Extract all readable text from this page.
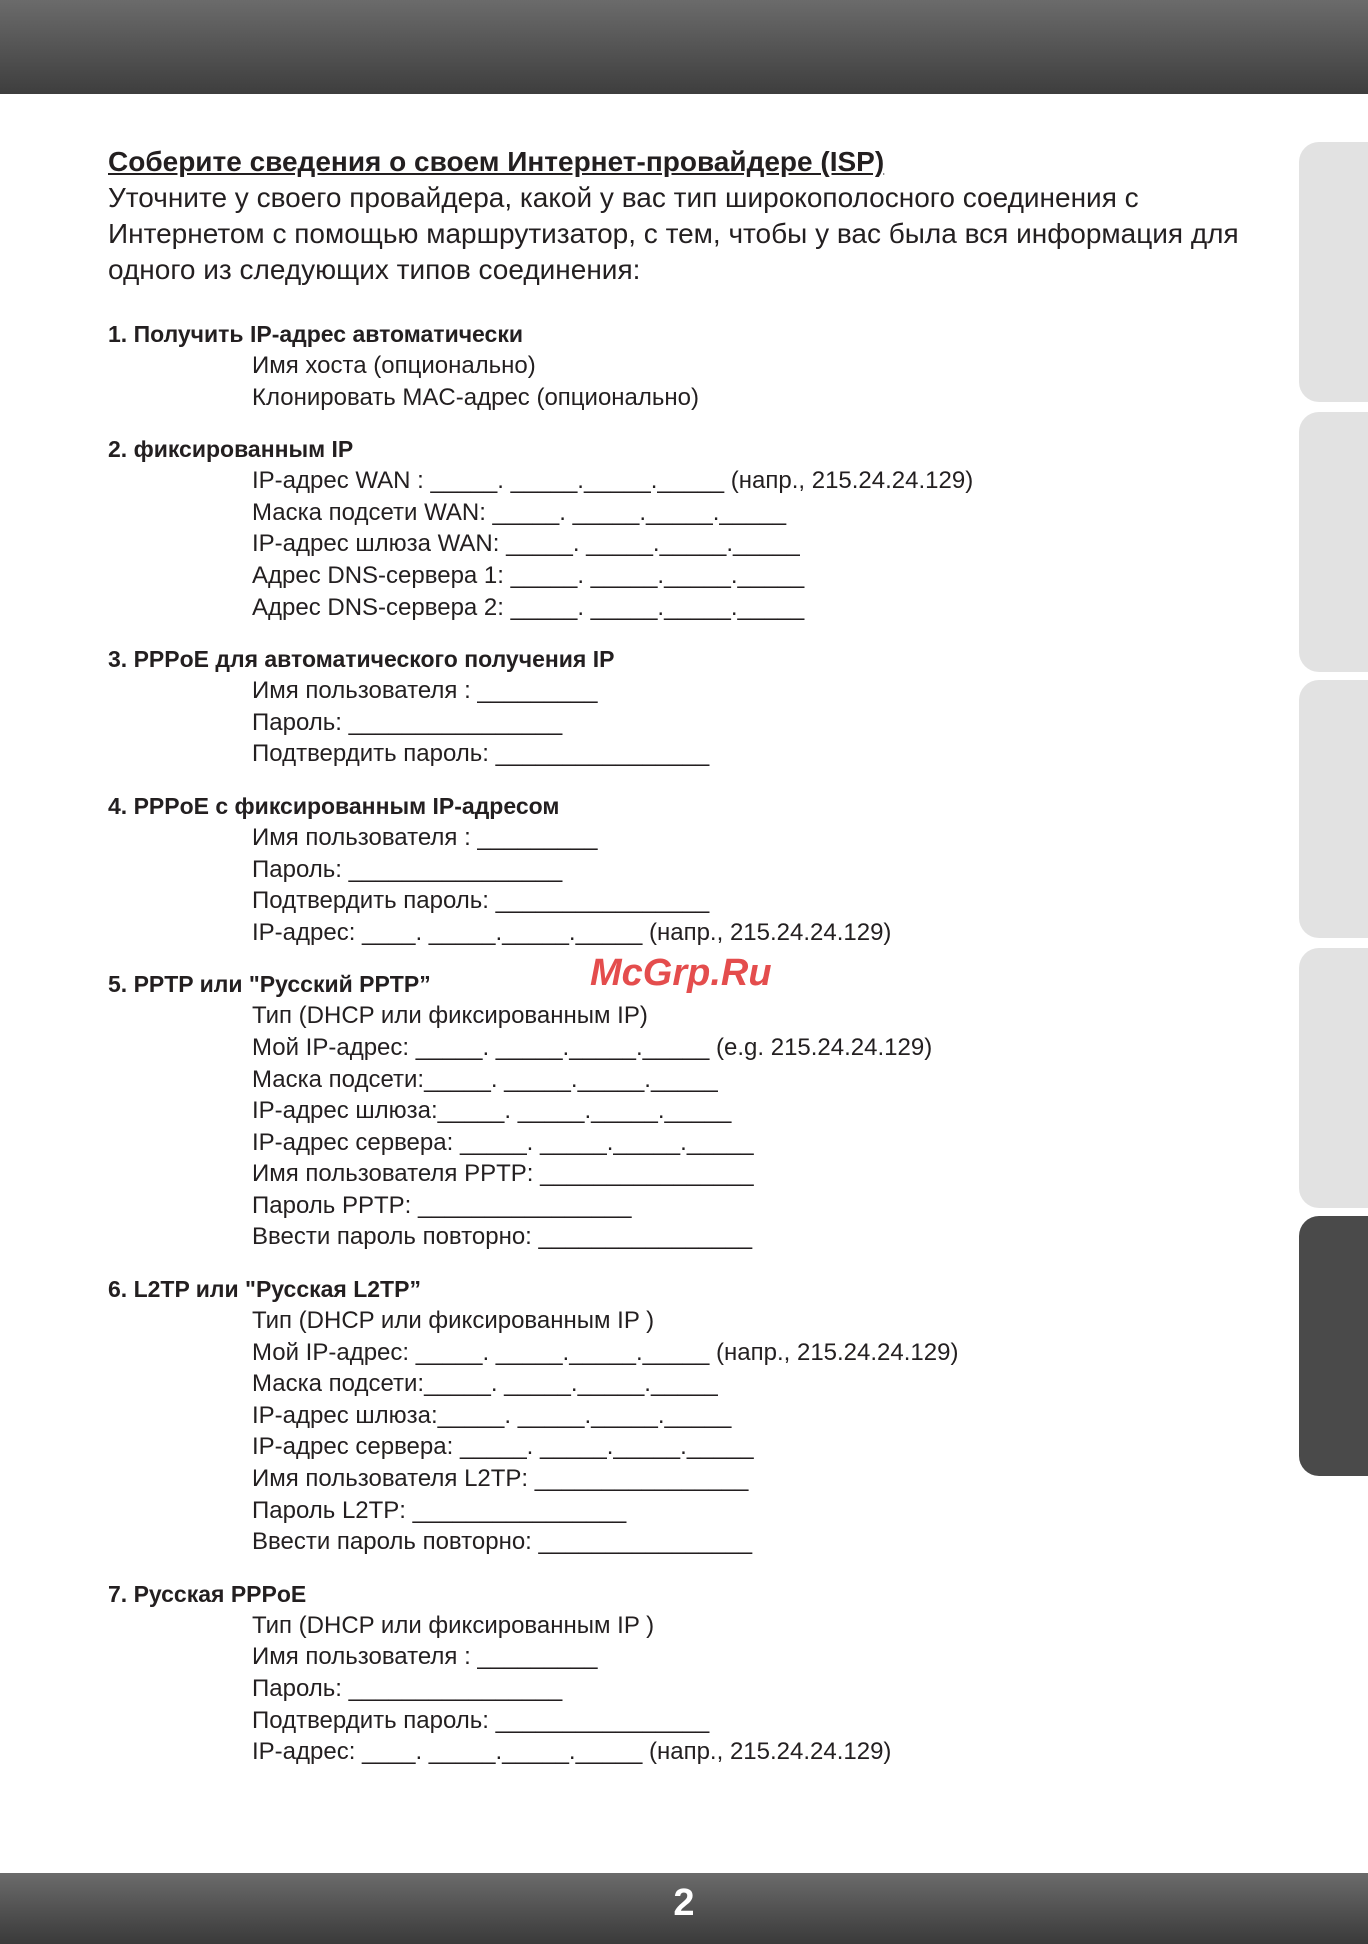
Соберите сведения о своем Интернет-провайдере (ISP)

Уточните у своего провайдера, какой у вас тип широкополосного соединения с Интернетом с помощью маршрутизатор, с тем, чтобы у вас была вся информация для одного из следующих типов соединения:

1. Получить IP-адрес автоматически

Имя хоста (опционально)

Клонировать MAC-адрес (опционально)

2. фиксированным IP

IP-адрес WAN : _____. _____._____._____ (напр., 215.24.24.129)

Маска подсети WAN: _____. _____._____._____

IP-адрес шлюза WAN: _____. _____._____._____

Адрес DNS-сервера 1: _____. _____._____._____

Адрес DNS-сервера 2: _____. _____._____._____

3. PPPoE для автоматического получения IP

Имя пользователя : _________

Пароль: ________________

Подтвердить пароль: ________________

4. PPPoE с фиксированным IP-адресом

Имя пользователя : _________

Пароль: ________________

Подтвердить пароль: ________________

IP-адрес: ____. _____._____._____ (напр., 215.24.24.129)

5. PPTP или "Русский PPTP”

Тип (DHCP или фиксированным IP)

Мой IP-адрес: _____. _____._____._____ (e.g. 215.24.24.129)

Маска подсети:_____. _____._____._____

IP-адрес шлюза:_____. _____._____._____

IP-адрес сервера: _____. _____._____._____

Имя пользователя PPTP: ________________

Пароль PPTP: ________________

Ввести пароль повторно: ________________

6. L2TP или "Русская L2TP”

Тип (DHCP или фиксированным IP )

Мой IP-адрес: _____. _____._____._____ (напр., 215.24.24.129)

Маска подсети:_____. _____._____._____

IP-адрес шлюза:_____. _____._____._____

IP-адрес сервера: _____. _____._____._____

Имя пользователя L2TP: ________________

Пароль L2TP: ________________

Ввести пароль повторно: ________________

7. Русская PPPoE

Тип (DHCP или фиксированным IP )

Имя пользователя : _________

Пароль: ________________

Подтвердить пароль: ________________

IP-адрес: ____. _____._____._____ (напр., 215.24.24.129)

McGrp.Ru
2
